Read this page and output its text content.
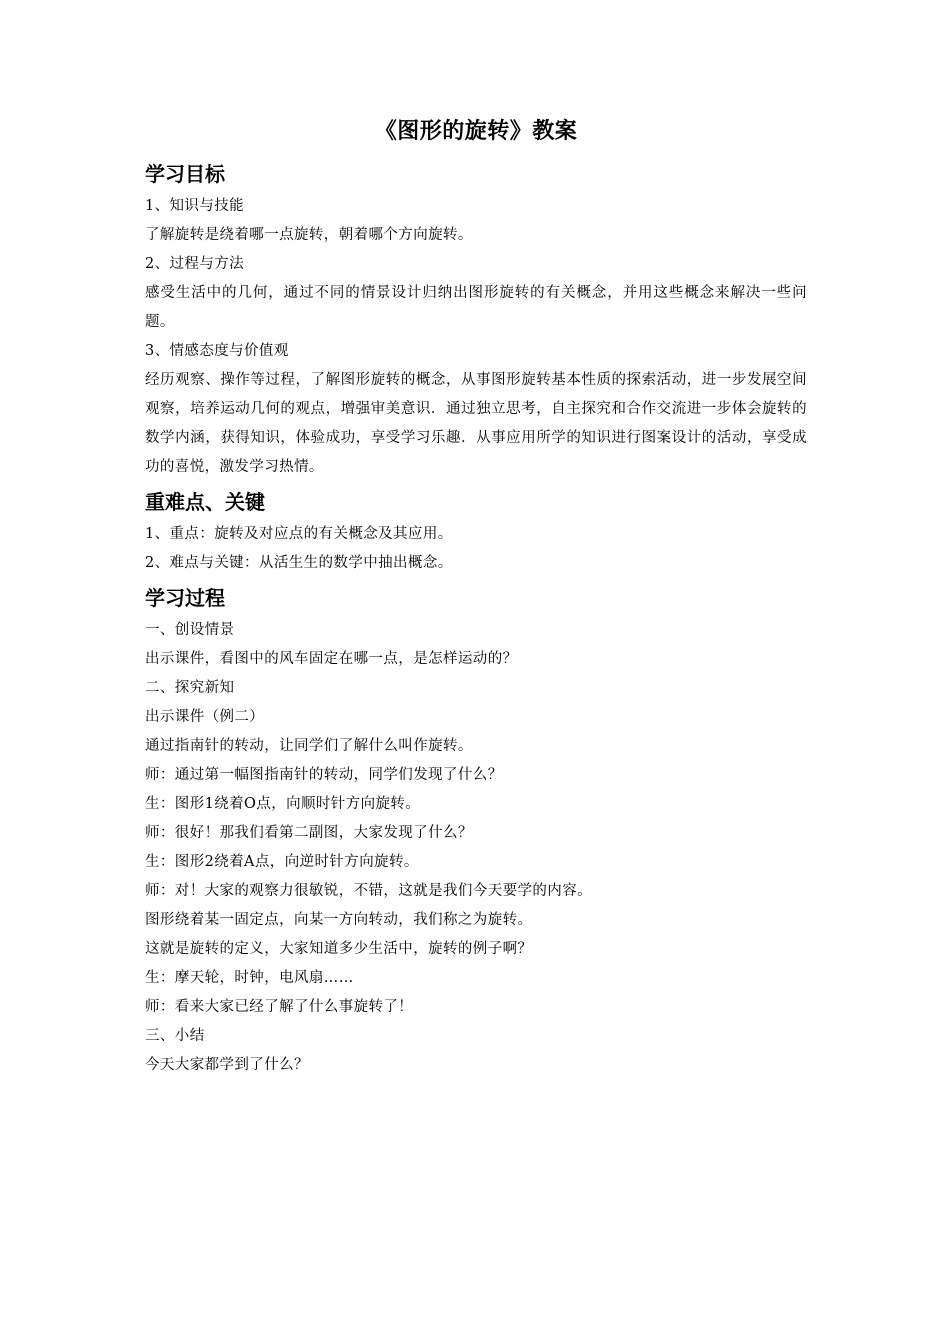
《图形的旋转》教案
学习目标

1、知识与技能

了解旋转是绕着哪一点旋转，朝着哪个方向旋转。

2、过程与方法

感受生活中的几何，通过不同的情景设计归纳出图形旋转的有关概念，并用这些概念来解决一些问题。

3、情感态度与价值观

经历观察、操作等过程，了解图形旋转的概念，从事图形旋转基本性质的探索活动，进一步发展空间观察，培养运动几何的观点，增强审美意识．通过独立思考，自主探究和合作交流进一步体会旋转的数学内涵，获得知识，体验成功，享受学习乐趣．从事应用所学的知识进行图案设计的活动，享受成功的喜悦，激发学习热情。

重难点、关键

1、重点：旋转及对应点的有关概念及其应用。

2、难点与关键：从活生生的数学中抽出概念。

学习过程

一、创设情景

出示课件，看图中的风车固定在哪一点，是怎样运动的？

二、探究新知

出示课件（例二）

通过指南针的转动，让同学们了解什么叫作旋转。

师：通过第一幅图指南针的转动，同学们发现了什么？

生：图形1绕着O点，向顺时针方向旋转。

师：很好！那我们看第二副图，大家发现了什么？

生：图形2绕着A点，向逆时针方向旋转。

师：对！大家的观察力很敏锐，不错，这就是我们今天要学的内容。

图形绕着某一固定点，向某一方向转动，我们称之为旋转。

这就是旋转的定义，大家知道多少生活中，旋转的例子啊？

生：摩天轮，时钟，电风扇……

师：看来大家已经了解了什么事旋转了！

三、小结

今天大家都学到了什么？
